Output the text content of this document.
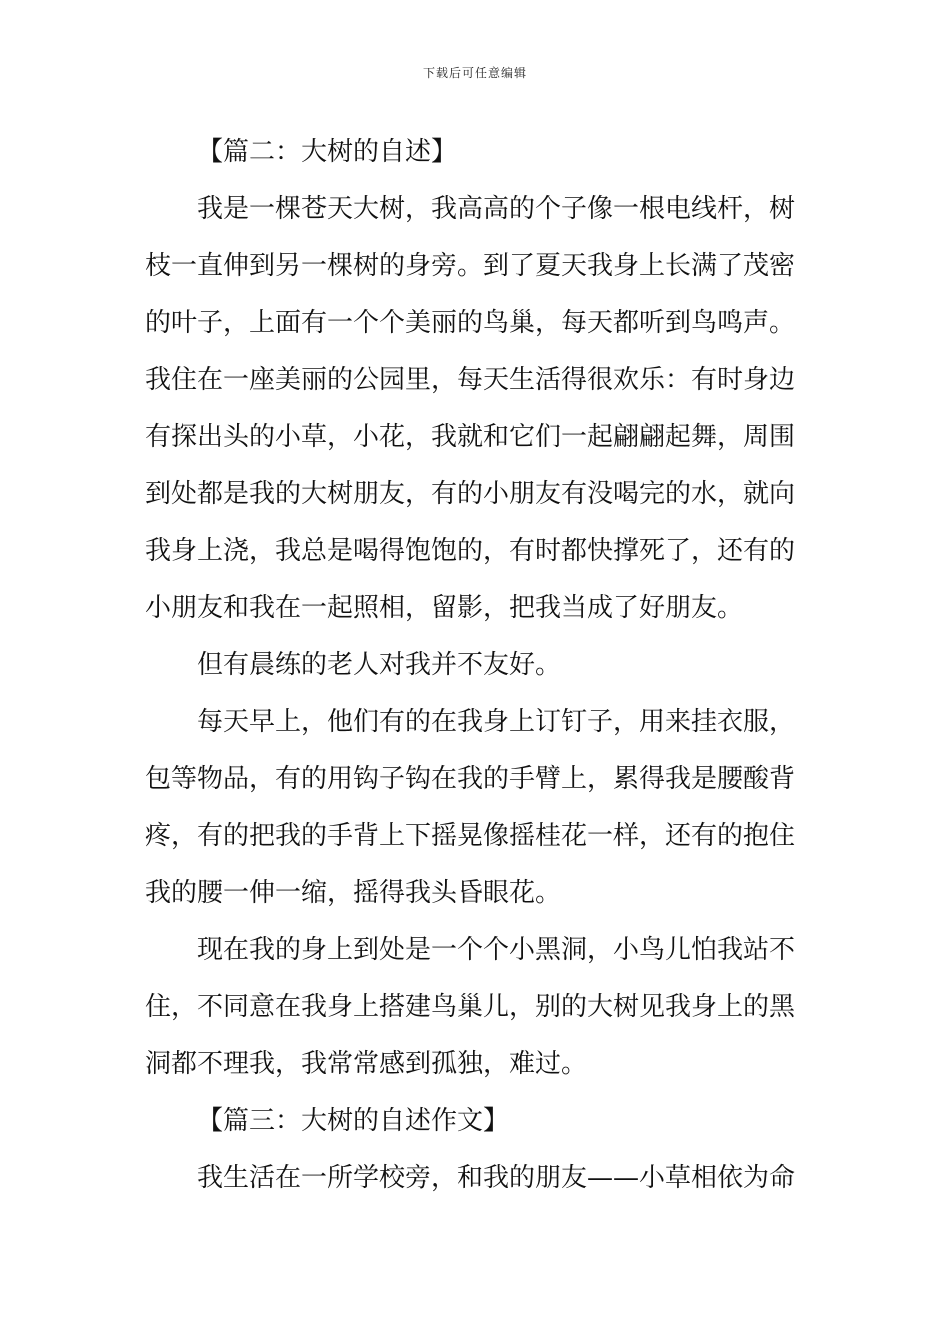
下载后可任意编辑
【篇二：大树的自述】
我是一棵苍天大树，我高高的个子像一根电线杆，树
枝一直伸到另一棵树的身旁。到了夏天我身上长满了茂密
的叶子，上面有一个个美丽的鸟巢，每天都听到鸟鸣声。
我住在一座美丽的公园里，每天生活得很欢乐：有时身边
有探出头的小草，小花，我就和它们一起翩翩起舞，周围
到处都是我的大树朋友，有的小朋友有没喝完的水，就向
我身上浇，我总是喝得饱饱的，有时都快撑死了，还有的
小朋友和我在一起照相，留影，把我当成了好朋友。
但有晨练的老人对我并不友好。
每天早上，他们有的在我身上订钉子，用来挂衣服，
包等物品，有的用钩子钩在我的手臂上，累得我是腰酸背
疼，有的把我的手背上下摇晃像摇桂花一样，还有的抱住
我的腰一伸一缩，摇得我头昏眼花。
现在我的身上到处是一个个小黑洞，小鸟儿怕我站不
住，不同意在我身上搭建鸟巢儿，别的大树见我身上的黑
洞都不理我，我常常感到孤独，难过。
【篇三：大树的自述作文】
我生活在一所学校旁，和我的朋友——小草相依为命
